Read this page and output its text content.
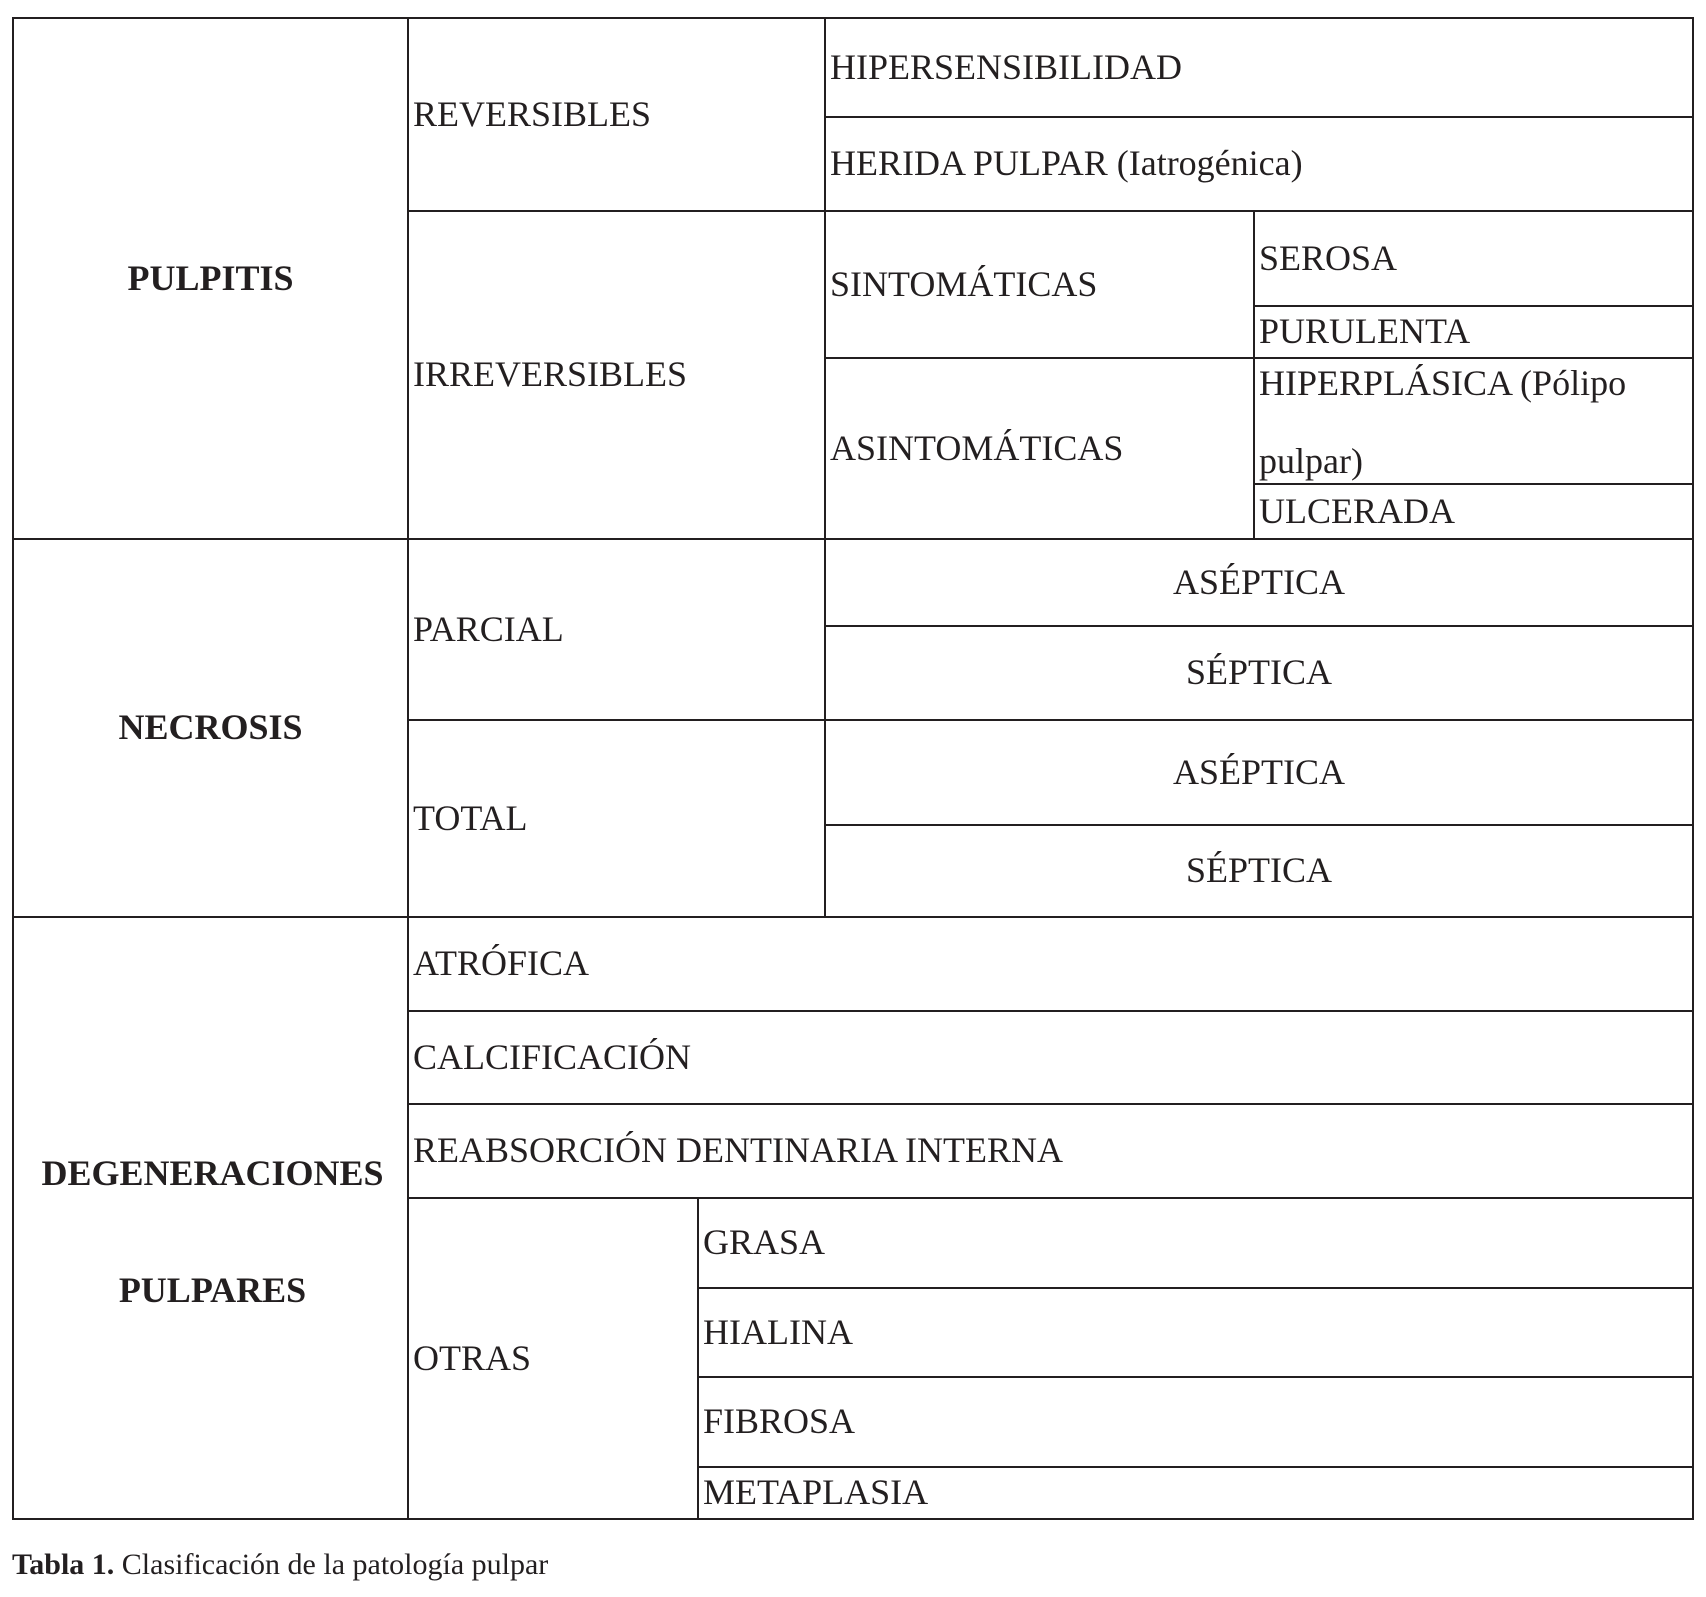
PULPITIS
REVERSIBLES
HIPERSENSIBILIDAD
HERIDA PULPAR (Iatrogénica)
IRREVERSIBLES
SINTOMÁTICAS
SEROSA
PURULENTA
ASINTOMÁTICAS
HIPERPLÁSICA (Pólipo
pulpar)
ULCERADA
NECROSIS
PARCIAL
ASÉPTICA
SÉPTICA
TOTAL
ASÉPTICA
SÉPTICA
DEGENERACIONES
PULPARES
ATRÓFICA
CALCIFICACIÓN
REABSORCIÓN DENTINARIA INTERNA
OTRAS
GRASA
HIALINA
FIBROSA
METAPLASIA
Tabla 1. Clasificación de la patología pulpar
